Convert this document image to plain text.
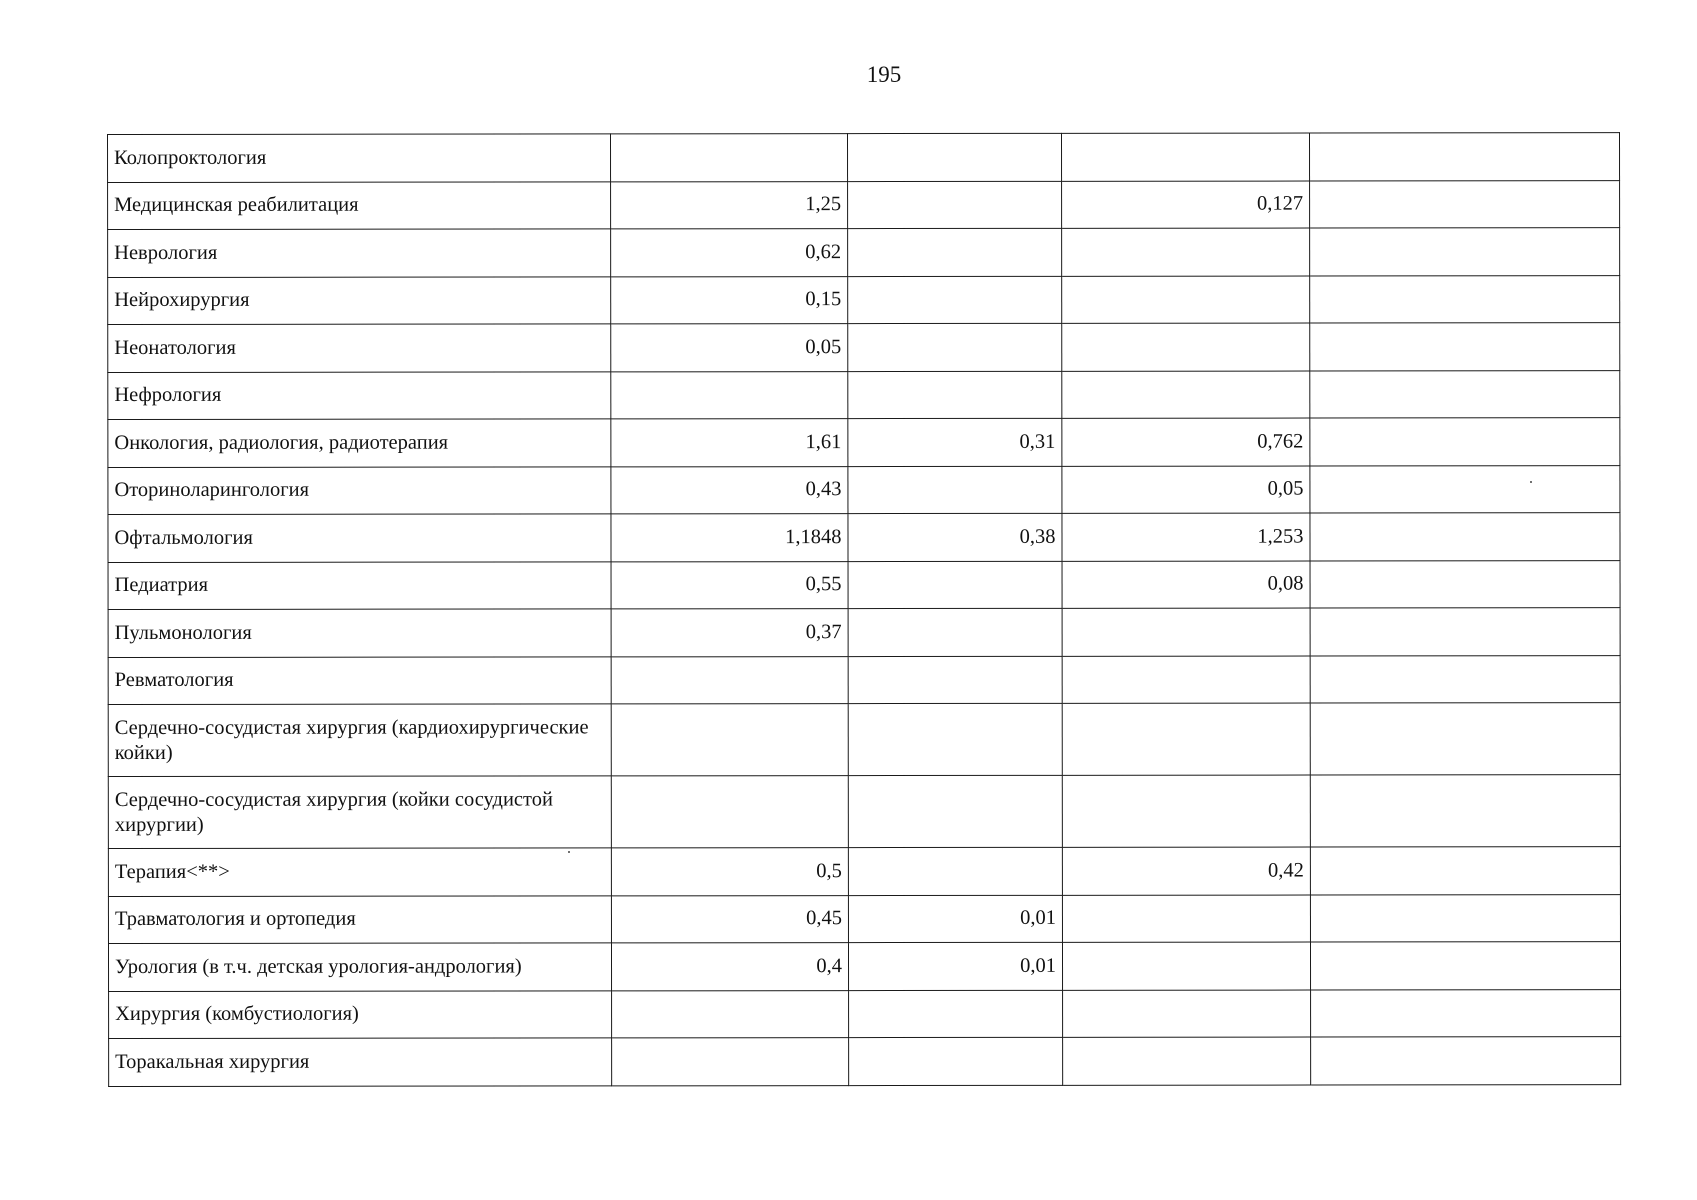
195
Колопроктология				
Медицинская реабилитация	1,25		0,127	
Неврология	0,62			
Нейрохирургия	0,15			
Неонатология	0,05			
Нефрология				
Онкология, радиология, радиотерапия	1,61	0,31	0,762	
Оториноларингология	0,43		0,05	
Офтальмология	1,1848	0,38	1,253	
Педиатрия	0,55		0,08	
Пульмонология	0,37			
Ревматология				
Сердечно-сосудистая хирургия (кардиохирургические койки)				
Сердечно-сосудистая хирургия (койки сосудистой хирургии)				
Терапия<**>	0,5		0,42	
Травматология и ортопедия	0,45	0,01		
Урология (в т.ч. детская урология-андрология)	0,4	0,01		
Хирургия (комбустиология)				
Торакальная хирургия				
